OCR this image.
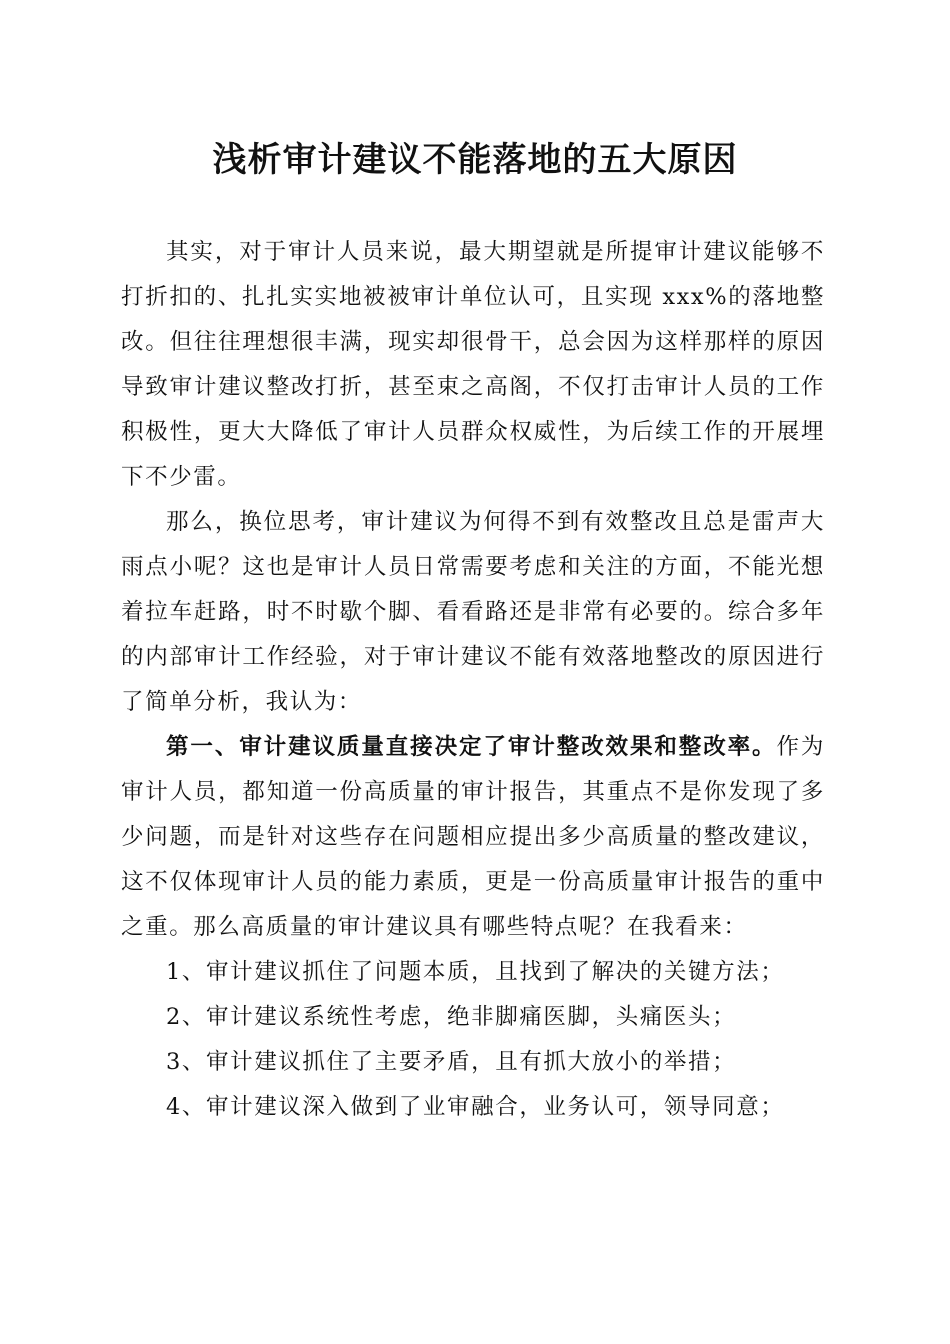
浅析审计建议不能落地的五大原因

其实，对于审计人员来说，最大期望就是所提审计建议能够不打折扣的、扎扎实实地被被审计单位认可，且实现 xxx%的落地整改。但往往理想很丰满，现实却很骨干，总会因为这样那样的原因导致审计建议整改打折，甚至束之高阁，不仅打击审计人员的工作积极性，更大大降低了审计人员群众权威性，为后续工作的开展埋下不少雷。

那么，换位思考，审计建议为何得不到有效整改且总是雷声大雨点小呢？这也是审计人员日常需要考虑和关注的方面，不能光想着拉车赶路，时不时歇个脚、看看路还是非常有必要的。综合多年的内部审计工作经验，对于审计建议不能有效落地整改的原因进行了简单分析，我认为：

第一、审计建议质量直接决定了审计整改效果和整改率。作为审计人员，都知道一份高质量的审计报告，其重点不是你发现了多少问题，而是针对这些存在问题相应提出多少高质量的整改建议，这不仅体现审计人员的能力素质，更是一份高质量审计报告的重中之重。那么高质量的审计建议具有哪些特点呢？在我看来：

1、审计建议抓住了问题本质，且找到了解决的关键方法；

2、审计建议系统性考虑，绝非脚痛医脚，头痛医头；

3、审计建议抓住了主要矛盾，且有抓大放小的举措；

4、审计建议深入做到了业审融合，业务认可，领导同意；
